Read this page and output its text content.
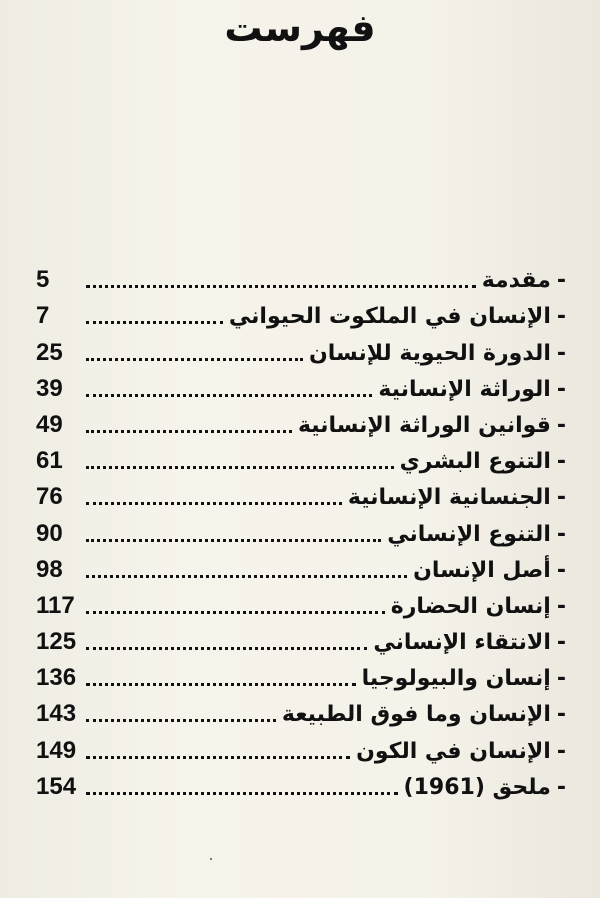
فهرست
-
مقدمة
5
-
الإنسان في الملكوت الحيواني
7
-
الدورة الحيوية للإنسان
25
-
الوراثة الإنسانية
39
-
قوانين الوراثة الإنسانية
49
-
التنوع البشري
61
-
الجنسانية الإنسانية
76
-
التنوع الإنساني
90
-
أصل الإنسان
98
-
إنسان الحضارة
117
-
الانتقاء الإنساني
125
-
إنسان والبيولوجيا
136
-
الإنسان وما فوق الطبيعة
143
-
الإنسان في الكون
149
-
ملحق (1961)
154
